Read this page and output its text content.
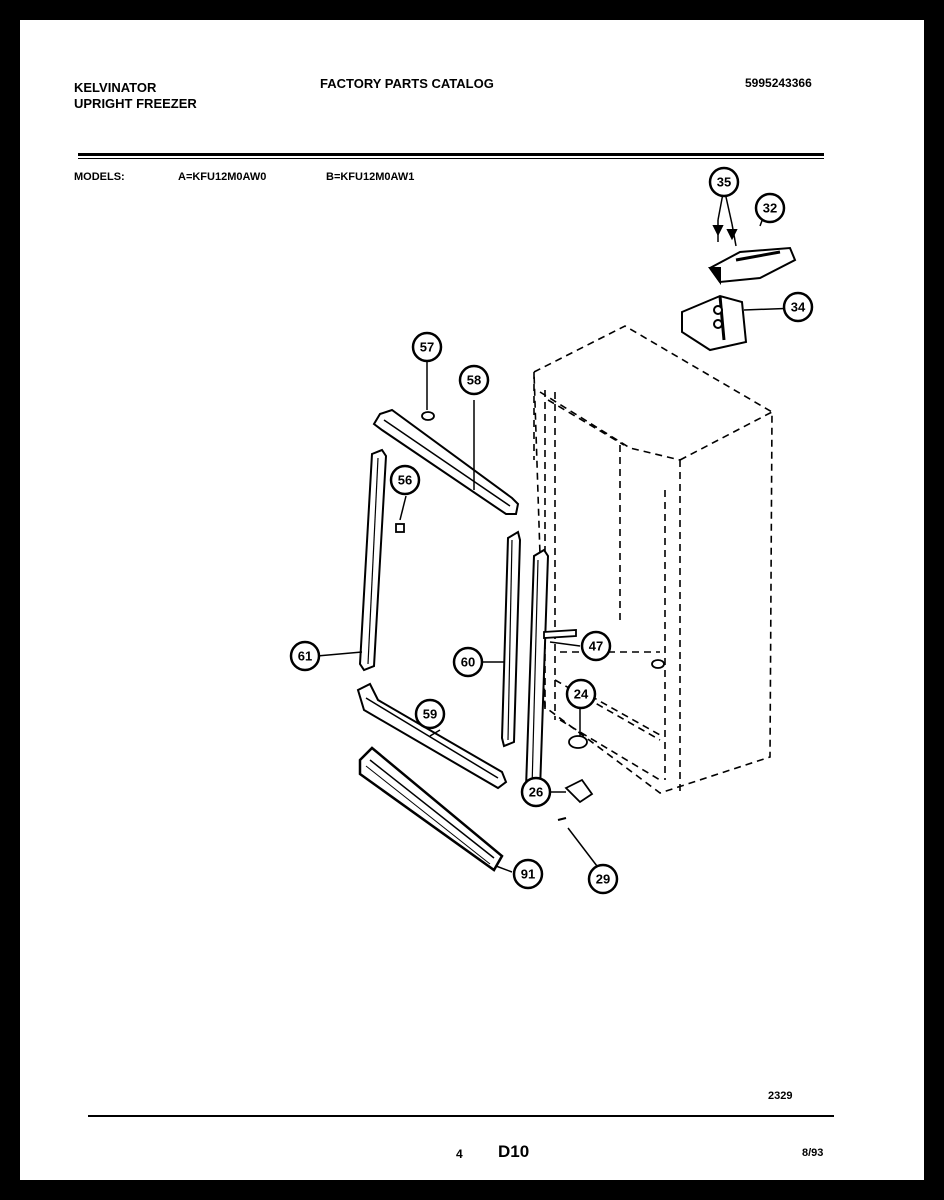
KELVINATOR
UPRIGHT FREEZER
FACTORY PARTS CATALOG	5995243366
MODELS:	A=KFU12M0AW0	B=KFU12M0AW1	35
32
34
57
58
56
61	60
47
24
59
26
91	29
2329
4 D10	8/93
